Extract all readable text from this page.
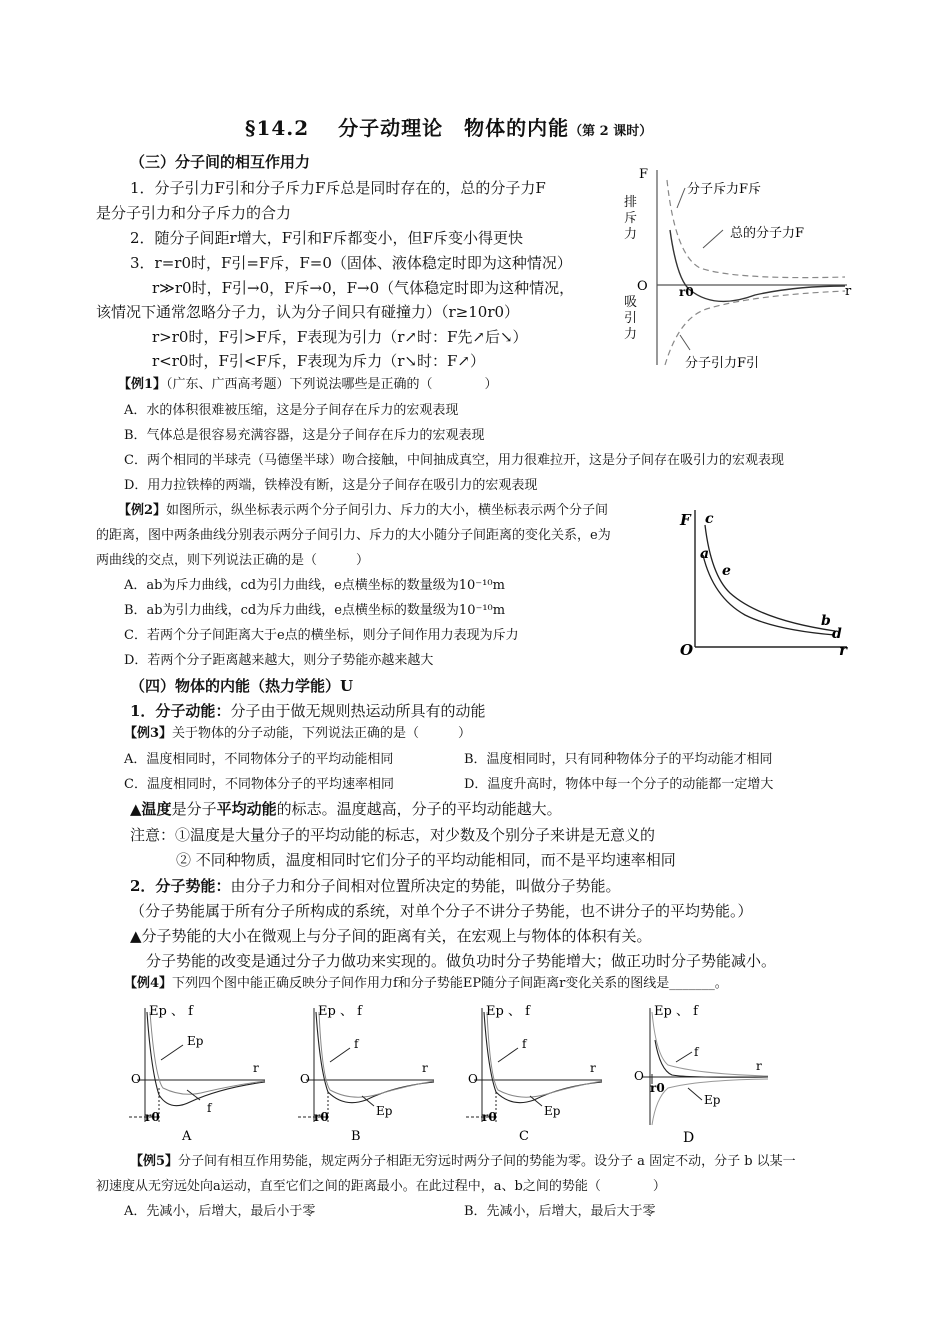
§14.2　 分子动理论　物体的内能（第 2 课时）
（三）分子间的相互作用力
1．分子引力F引和分子斥力F斥总是同时存在的，总的分子力F
是分子引力和分子斥力的合力
2．随分子间距r增大，F引和F斥都变小，但F斥变小得更快
3．r=r0时，F引=F斥，F=0（固体、液体稳定时即为这种情况）
r≫r0时，F引→0，F斥→0，F→0（气体稳定时即为这种情况，
该情况下通常忽略分子力，认为分子间只有碰撞力）（r≥10r0）
r>r0时，F引>F斥，F表现为引力（r↗时：F先↗后↘）
r<r0时，F引<F斥，F表现为斥力（r↘时：F↗）
F
O	r0	r
分子斥力F斥
总的分子力F
分子引力F引
排斥力
吸引力
【例1】（广东、广西高考题）下列说法哪些是正确的（　　　　）
A．水的体积很难被压缩，这是分子间存在斥力的宏观表现
B．气体总是很容易充满容器，这是分子间存在斥力的宏观表现
C．两个相同的半球壳（马德堡半球）吻合接触，中间抽成真空，用力很难拉开，这是分子间存在吸引力的宏观表现
D．用力拉铁棒的两端，铁棒没有断，这是分子间存在吸引力的宏观表现
【例2】如图所示，纵坐标表示两个分子间引力、斥力的大小，横坐标表示两个分子间
的距离，图中两条曲线分别表示两分子间引力、斥力的大小随分子间距离的变化关系，e为
两曲线的交点，则下列说法正确的是（　　　）
A．ab为斥力曲线，cd为引力曲线，e点横坐标的数量级为10⁻¹⁰m
B．ab为引力曲线，cd为斥力曲线，e点横坐标的数量级为10⁻¹⁰m
C．若两个分子间距离大于e点的横坐标，则分子间作用力表现为斥力
D．若两个分子距离越来越大，则分子势能亦越来越大
F c
a
e
b
d
O	r
（四）物体的内能（热力学能）U
1．分子动能：分子由于做无规则热运动所具有的动能
【例3】关于物体的分子动能，下列说法正确的是（　　　）
A．温度相同时，不同物体分子的平均动能相同	B．温度相同时，只有同种物体分子的平均动能才相同
C．温度相同时，不同物体分子的平均速率相同	D．温度升高时，物体中每一个分子的动能都一定增大
▲温度是分子平均动能的标志。温度越高，分子的平均动能越大。
注意：①温度是大量分子的平均动能的标志，对少数及个别分子来讲是无意义的
② 不同种物质，温度相同时它们分子的平均动能相同，而不是平均速率相同
2．分子势能：由分子力和分子间相对位置所决定的势能，叫做分子势能。
（分子势能属于所有分子所构成的系统，对单个分子不讲分子势能，也不讲分子的平均势能。）
▲分子势能的大小在微观上与分子间的距离有关，在宏观上与物体的体积有关。
分子势能的改变是通过分子力做功来实现的。做负功时分子势能增大；做正功时分子势能减小。
【例4】下列四个图中能正确反映分子间作用力f和分子势能EP随分子间距离r变化关系的图线是_______。
Ep 、 f
Ep
r
O
f
r0
A
Ep 、 f
f
r
O
Ep
r0
B
Ep 、 f
f
r
O
Ep
r0
C
Ep 、 f
f
r
O
r0
Ep
D
【例5】分子间有相互作用势能，规定两分子相距无穷远时两分子间的势能为零。设分子 a 固定不动，分子 b 以某一
初速度从无穷远处向a运动，直至它们之间的距离最小。在此过程中，a、b之间的势能（　　　　）
A．先减小，后增大，最后小于零	B．先减小，后增大，最后大于零
